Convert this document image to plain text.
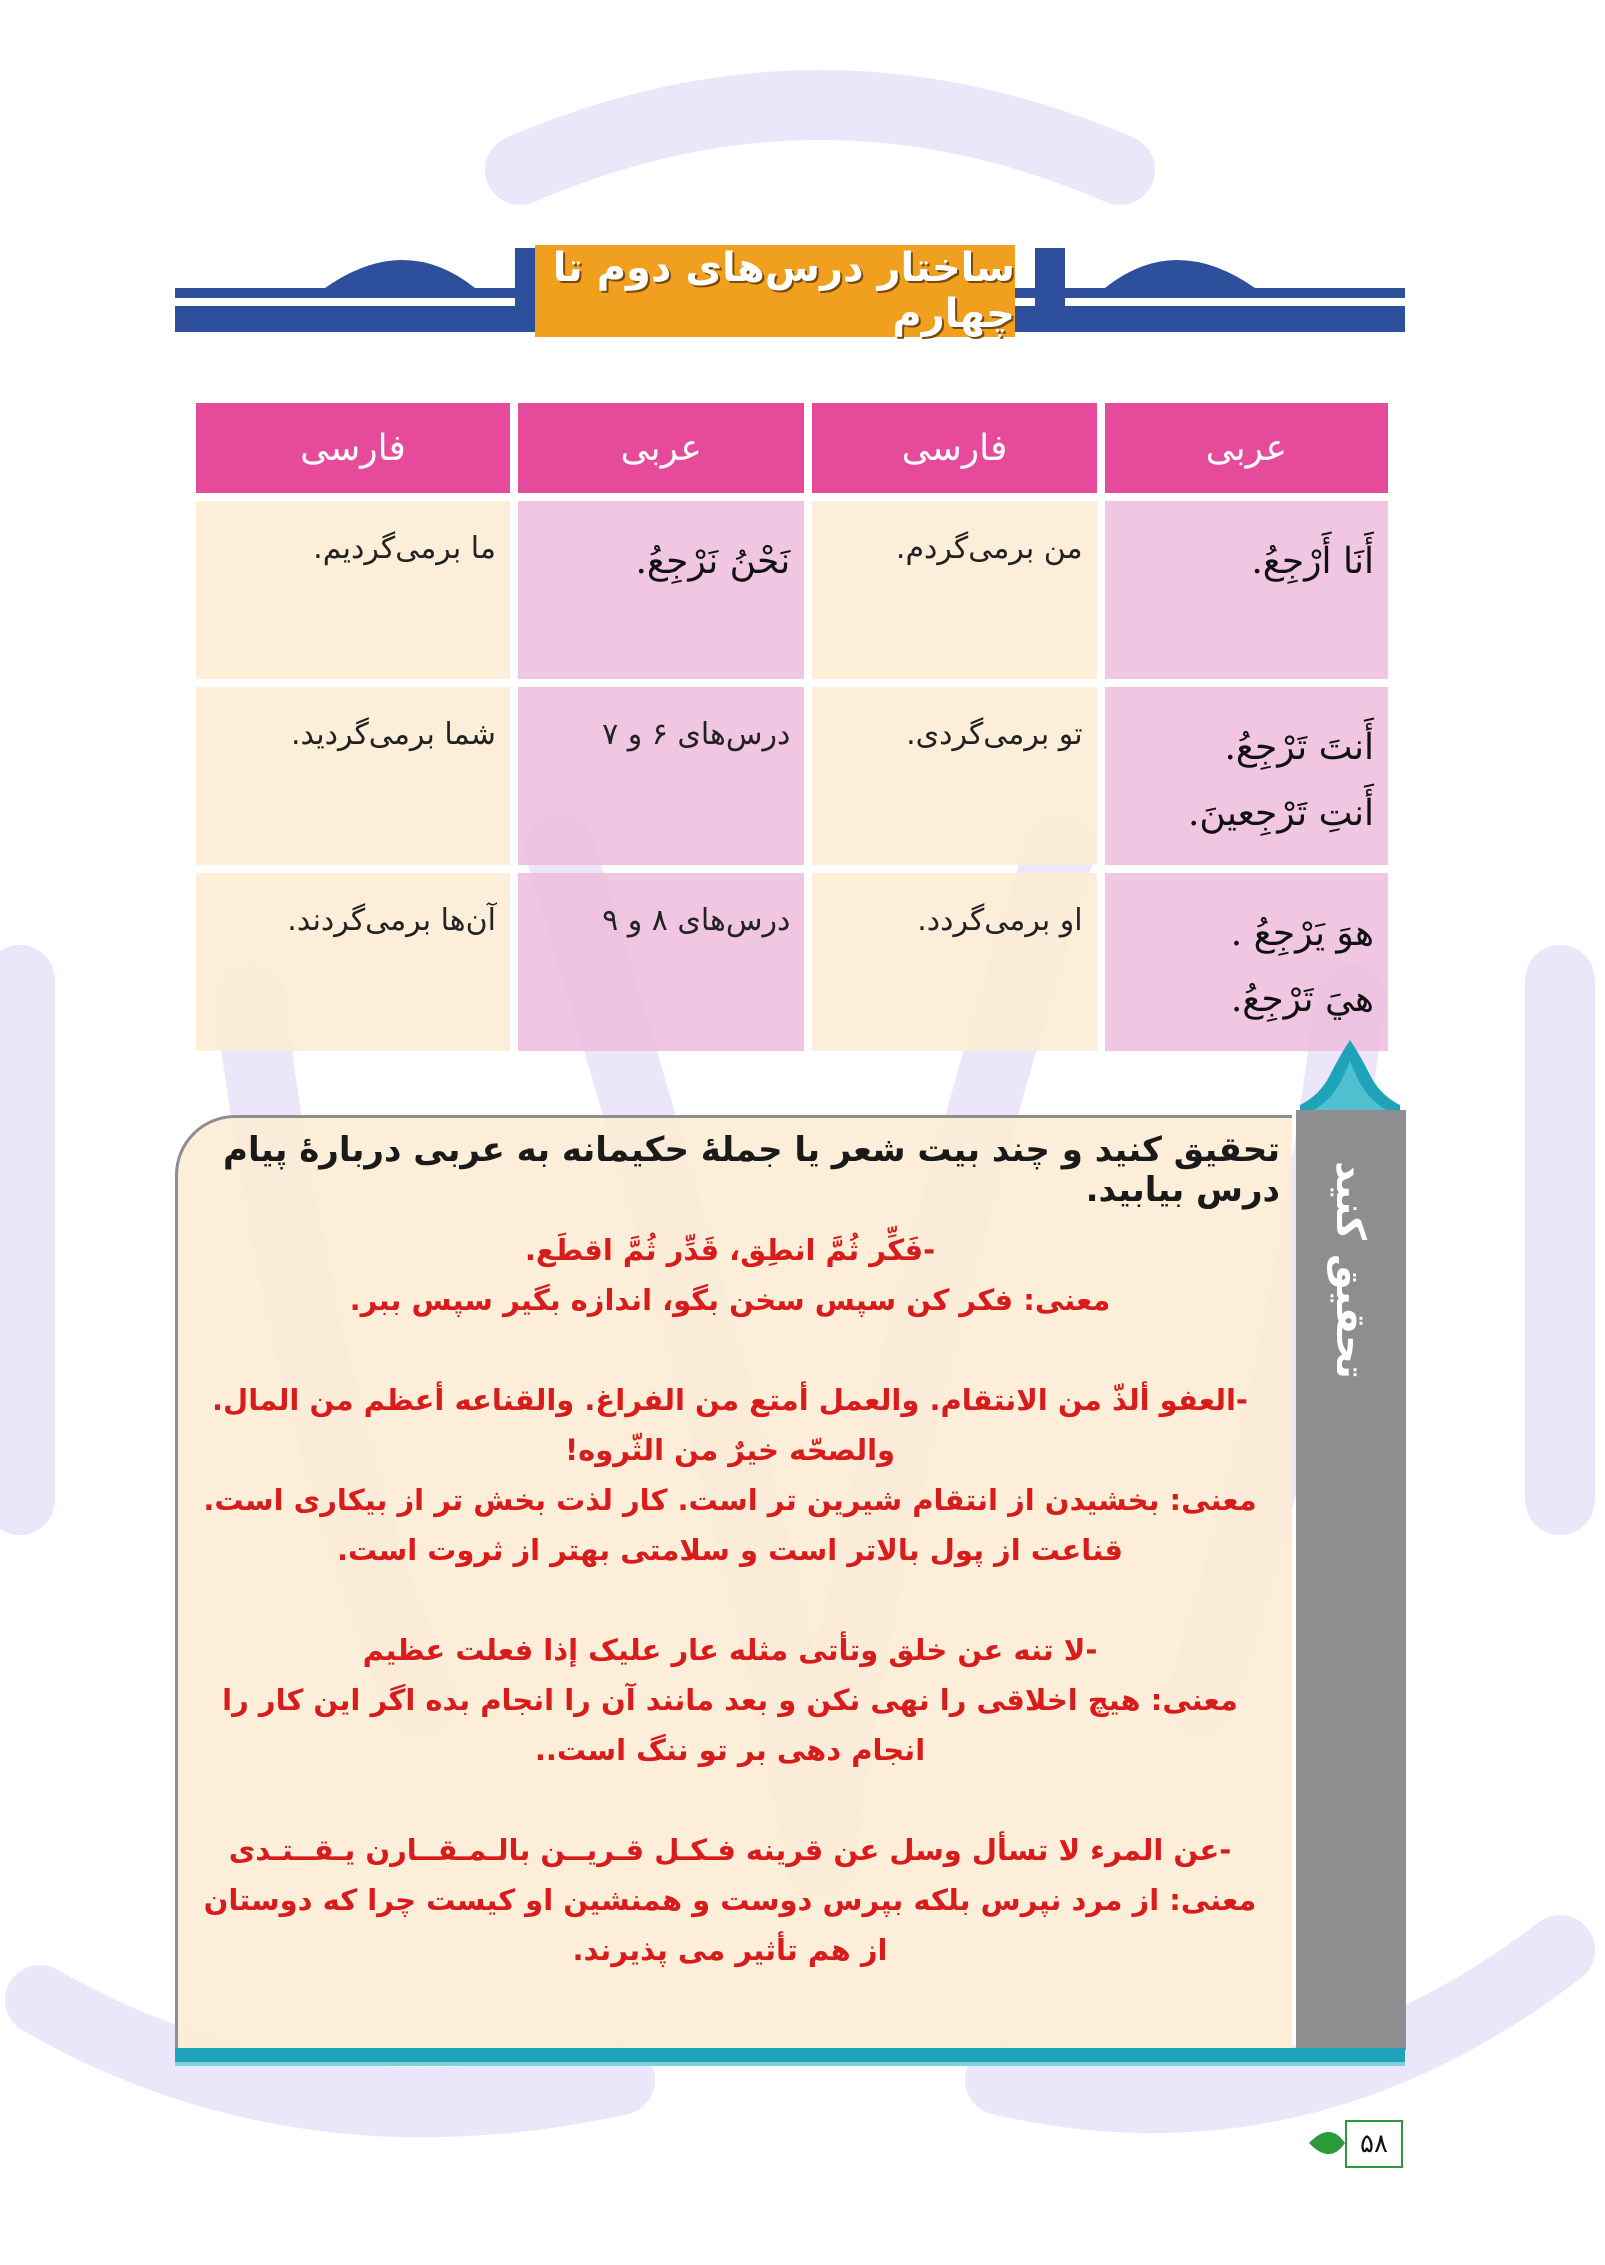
ساختار درس‌های دوم تا چهارم
عربی	فارسی	عربی	فارسی

أَنَا أَرْجِعُ.	من برمی‌گردم.	نَحْنُ نَرْجِعُ.	ما برمی‌گردیم.

أَنتَ تَرْجِعُ.
أَنتِ تَرْجِعينَ.	تو برمی‌گردی.	درس‌های ۶ و ۷	شما برمی‌گردید.

هوَ يَرْجِعُ .
هيَ تَرْجِعُ.	او برمی‌گردد.	درس‌های ۸ و ۹	آن‌ها برمی‌گردند.
تحقیق کنید
تحقیق کنید و چند بیت شعر یا جملهٔ حکیمانه به عربی دربارهٔ پیام درس بیابید.

-فَکِّر ثُمَّ انطِق، قَدِّر ثُمَّ اقطَع.
معنی: فکر کن سپس سخن بگو، اندازه بگیر سپس ببر.

-العفو ألذّ من الانتقام. والعمل أمتع من الفراغ. والقناعه أعظم من المال. والصحّه خيرٌ من الثّروه!
معنی: بخشیدن از انتقام شیرین تر است. کار لذت بخش تر از بیکاری است. قناعت از پول بالاتر است و سلامتی بهتر از ثروت است.

-لا تنه عن خلق وتأتی مثله عار علیک إذا فعلت عظیم
معنی: هیچ اخلاقی را نهی نکن و بعد مانند آن را انجام بده اگر این کار را انجام دهی بر تو ننگ است..

-عن المرء لا تسأل وسل عن قرینه فـکـل قـریــن بالـمـقــارن یـقــتـدی
معنی: از مرد نپرس بلکه بپرس دوست و همنشین او کیست چرا که دوستان از هم تأثیر می پذیرند.

۵۸
